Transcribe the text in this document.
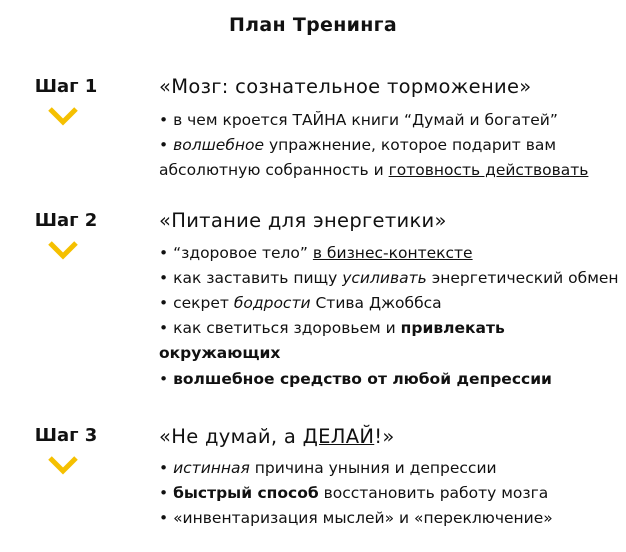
План Тренинга
Шаг 1	«Мозг: сознательное торможение»
• в чем кроется ТАЙНА книги “Думай и богатей”
• волшебное упражнение, которое подарит вам
абсолютную собранность и готовность действовать
Шаг 2	«Питание для энергетики»
• “здоровое тело” в бизнес-контексте
• как заставить пищу усиливать энергетический обмен
• секрет бодрости Стива Джоббса
• как светиться здоровьем и привлекать
окружающих
• волшебное средство от любой депрессии
Шаг 3	«Не думай, а ДЕЛАЙ!»
• истинная причина уныния и депрессии
• быстрый способ восстановить работу мозга
• «инвентаризация мыслей» и «переключение»
